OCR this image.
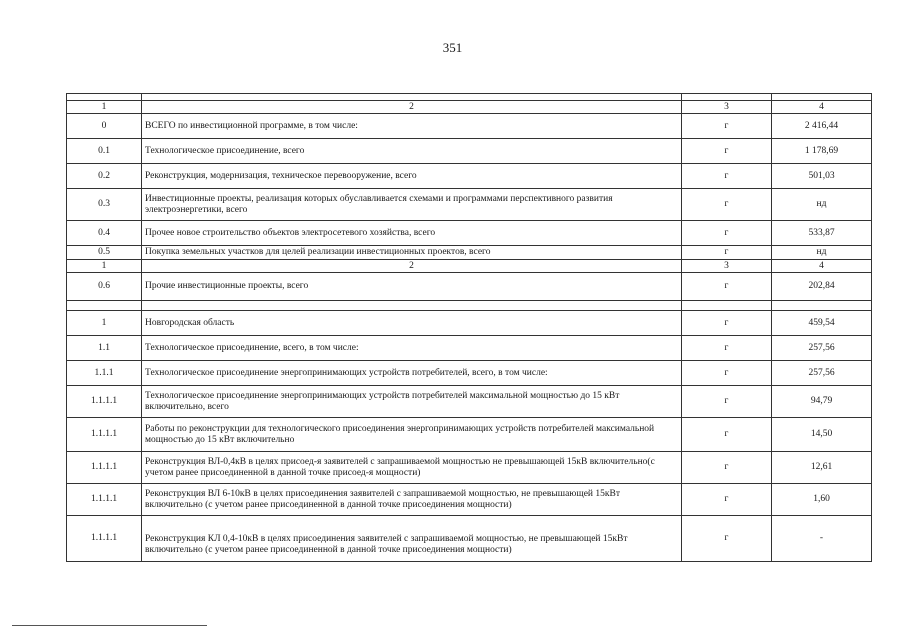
351

1	2	3	4
0	ВСЕГО по инвестиционной программе, в том числе:	г	2 416,44
0.1	Технологическое присоединение, всего	г	1 178,69
0.2	Реконструкция, модернизация, техническое перевооружение, всего	г	501,03
0.3	Инвестиционные проекты, реализация которых обуславливается схемами и программами перспективного развития электроэнергетики, всего	г	нд
0.4	Прочее новое строительство объектов электросетевого хозяйства, всего	г	533,87
0.5	Покупка земельных участков для целей реализации инвестиционных проектов, всего	г	нд
1	2	3	4
0.6	Прочие инвестиционные проекты, всего	г	202,84

1	Новгородская область	г	459,54
1.1	Технологическое присоединение, всего, в том числе:	г	257,56
1.1.1	Технологическое присоединение энергопринимающих устройств потребителей, всего, в том числе:	г	257,56
1.1.1.1	Технологическое присоединение энергопринимающих устройств потребителей максимальной мощностью до 15 кВт включительно, всего	г	94,79
1.1.1.1	Работы по реконструкции для технологического присоединения энергопринимающих устройств потребителей максимальной мощностью до 15 кВт включительно	г	14,50
1.1.1.1	Реконструкция ВЛ-0,4кВ в целях присоед-я заявителей с запрашиваемой мощностью не превышающей 15кВ включительно(с учетом ранее присоединенной в данной точке присоед-я мощности)	г	12,61
1.1.1.1	Реконструкция ВЛ 6-10кВ в целях присоединения заявителей с запрашиваемой мощностью, не превышающей 15кВт включительно (с учетом ранее присоединенной в данной точке присоединения мощности)	г	1,60
1.1.1.1	Реконструкция КЛ 0,4-10кВ в целях присоединения заявителей с запрашиваемой мощностью, не превышающей 15кВт включительно (с учетом ранее присоединенной в данной точке присоединения мощности)	г	-
